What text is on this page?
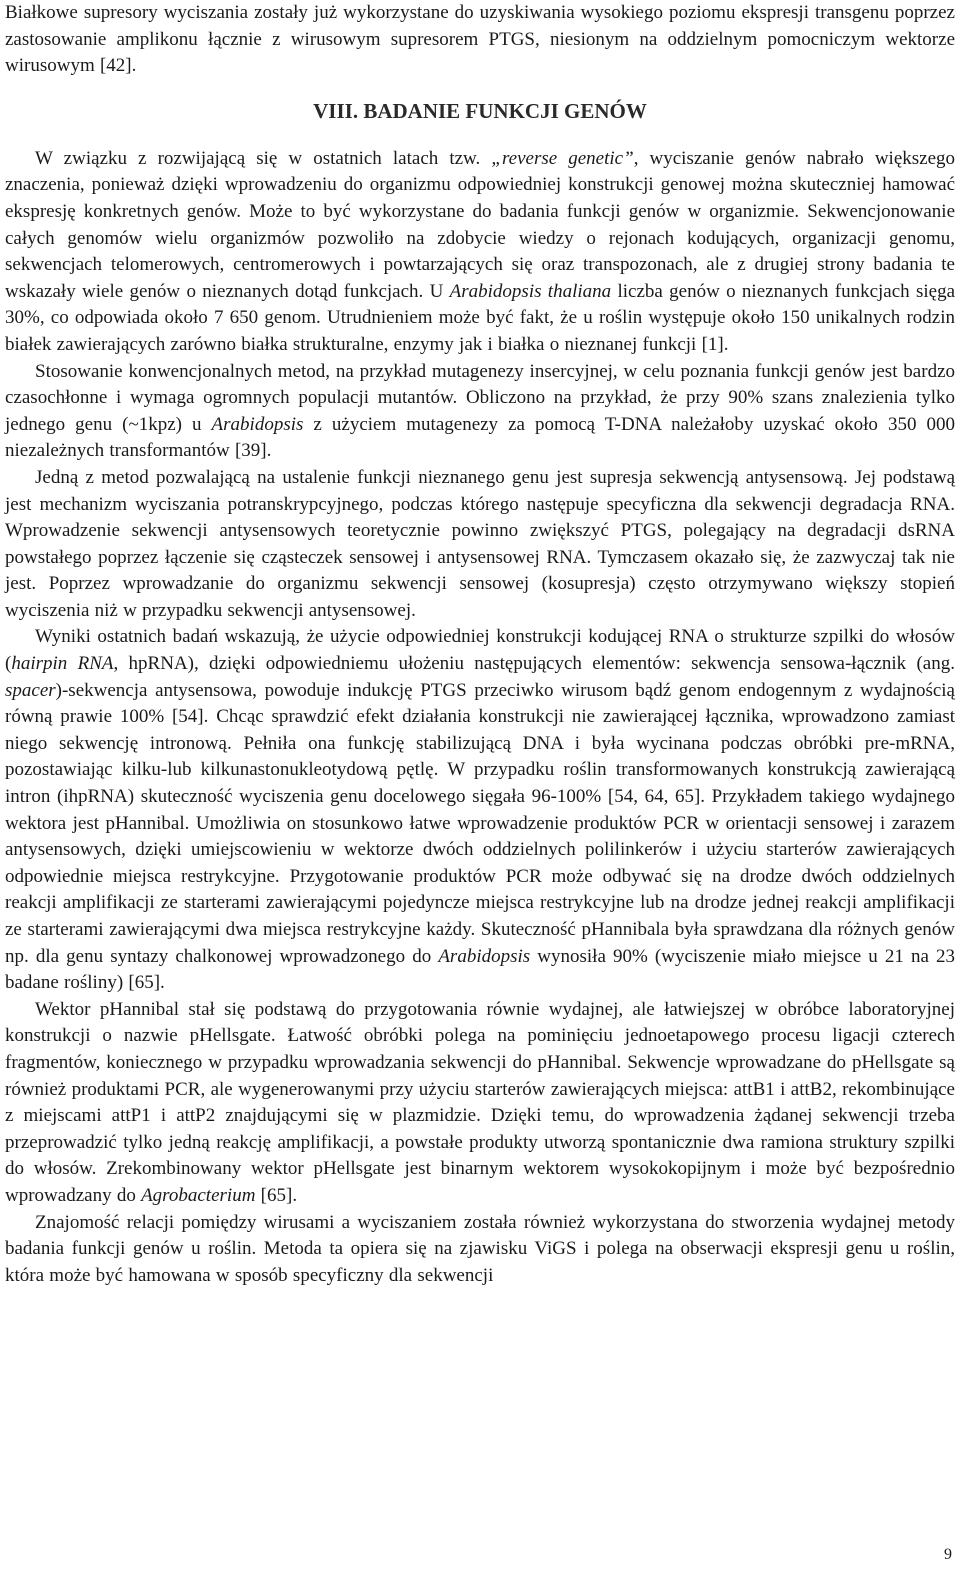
Białkowe supresory wyciszania zostały już wykorzystane do uzyskiwania wysokiego poziomu ekspresji transgenu poprzez zastosowanie amplikonu łącznie z wirusowym supresorem PTGS, niesionym na oddzielnym pomocniczym wektorze wirusowym [42].

VIII. BADANIE FUNKCJI GENÓW

W związku z rozwijającą się w ostatnich latach tzw. „reverse genetic”, wyciszanie genów nabrało większego znaczenia, ponieważ dzięki wprowadzeniu do organizmu odpowiedniej konstrukcji genowej można skuteczniej hamować ekspresję konkretnych genów. Może to być wykorzystane do badania funkcji genów w organizmie. Sekwencjonowanie całych genomów wielu organizmów pozwoliło na zdobycie wiedzy o rejonach kodujących, organizacji genomu, sekwencjach telomerowych, centromerowych i powtarzających się oraz transpozonach, ale z drugiej strony badania te wskazały wiele genów o nieznanych dotąd funkcjach. U Arabidopsis thaliana liczba genów o nieznanych funkcjach sięga 30%, co odpowiada około 7 650 genom. Utrudnieniem może być fakt, że u roślin występuje około 150 unikalnych rodzin białek zawierających zarówno białka strukturalne, enzymy jak i białka o nieznanej funkcji [1].

Stosowanie konwencjonalnych metod, na przykład mutagenezy insercyjnej, w celu poznania funkcji genów jest bardzo czasochłonne i wymaga ogromnych populacji mutantów. Obliczono na przykład, że przy 90% szans znalezienia tylko jednego genu (~1kpz) u Arabidopsis z użyciem mutagenezy za pomocą T-DNA należałoby uzyskać około 350 000 niezależnych transformantów [39].

Jedną z metod pozwalającą na ustalenie funkcji nieznanego genu jest supresja sekwencją antysensową. Jej podstawą jest mechanizm wyciszania potranskrypcyjnego, podczas którego następuje specyficzna dla sekwencji degradacja RNA. Wprowadzenie sekwencji antysensowych teoretycznie powinno zwiększyć PTGS, polegający na degradacji dsRNA powstałego poprzez łączenie się cząsteczek sensowej i antysensowej RNA. Tymczasem okazało się, że zazwyczaj tak nie jest. Poprzez wprowadzanie do organizmu sekwencji sensowej (kosupresja) często otrzymywano większy stopień wyciszenia niż w przypadku sekwencji antysensowej.

Wyniki ostatnich badań wskazują, że użycie odpowiedniej konstrukcji kodującej RNA o strukturze szpilki do włosów (hairpin RNA, hpRNA), dzięki odpowiedniemu ułożeniu następujących elementów: sekwencja sensowa-łącznik (ang. spacer)-sekwencja antysensowa, powoduje indukcję PTGS przeciwko wirusom bądź genom endogennym z wydajnością równą prawie 100% [54]. Chcąc sprawdzić efekt działania konstrukcji nie zawierającej łącznika, wprowadzono zamiast niego sekwencję intronową. Pełniła ona funkcję stabilizującą DNA i była wycinana podczas obróbki pre-mRNA, pozostawiając kilku-lub kilkunastonukleotydową pętlę. W przypadku roślin transformowanych konstrukcją zawierającą intron (ihpRNA) skuteczność wyciszenia genu docelowego sięgała 96-100% [54, 64, 65]. Przykładem takiego wydajnego wektora jest pHannibal. Umożliwia on stosunkowo łatwe wprowadzenie produktów PCR w orientacji sensowej i zarazem antysensowych, dzięki umiejscowieniu w wektorze dwóch oddzielnych polilinkerów i użyciu starterów zawierających odpowiednie miejsca restrykcyjne. Przygotowanie produktów PCR może odbywać się na drodze dwóch oddzielnych reakcji amplifikacji ze starterami zawierającymi pojedyncze miejsca restrykcyjne lub na drodze jednej reakcji amplifikacji ze starterami zawierającymi dwa miejsca restrykcyjne każdy. Skuteczność pHannibala była sprawdzana dla różnych genów np. dla genu syntazy chalkonowej wprowadzonego do Arabidopsis wynosiła 90% (wyciszenie miało miejsce u 21 na 23 badane rośliny) [65].

Wektor pHannibal stał się podstawą do przygotowania równie wydajnej, ale łatwiejszej w obróbce laboratoryjnej konstrukcji o nazwie pHellsgate. Łatwość obróbki polega na pominięciu jednoetapowego procesu ligacji czterech fragmentów, koniecznego w przypadku wprowadzania sekwencji do pHannibal. Sekwencje wprowadzane do pHellsgate są również produktami PCR, ale wygenerowanymi przy użyciu starterów zawierających miejsca: attB1 i attB2, rekombinujące z miejscami attP1 i attP2 znajdującymi się w plazmidzie. Dzięki temu, do wprowadzenia żądanej sekwencji trzeba przeprowadzić tylko jedną reakcję amplifikacji, a powstałe produkty utworzą spontanicznie dwa ramiona struktury szpilki do włosów. Zrekombinowany wektor pHellsgate jest binarnym wektorem wysokokopijnym i może być bezpośrednio wprowadzany do Agrobacterium [65].

Znajomość relacji pomiędzy wirusami a wyciszaniem została również wykorzystana do stworzenia wydajnej metody badania funkcji genów u roślin. Metoda ta opiera się na zjawisku ViGS i polega na obserwacji ekspresji genu u roślin, która może być hamowana w sposób specyficzny dla sekwencji

9
